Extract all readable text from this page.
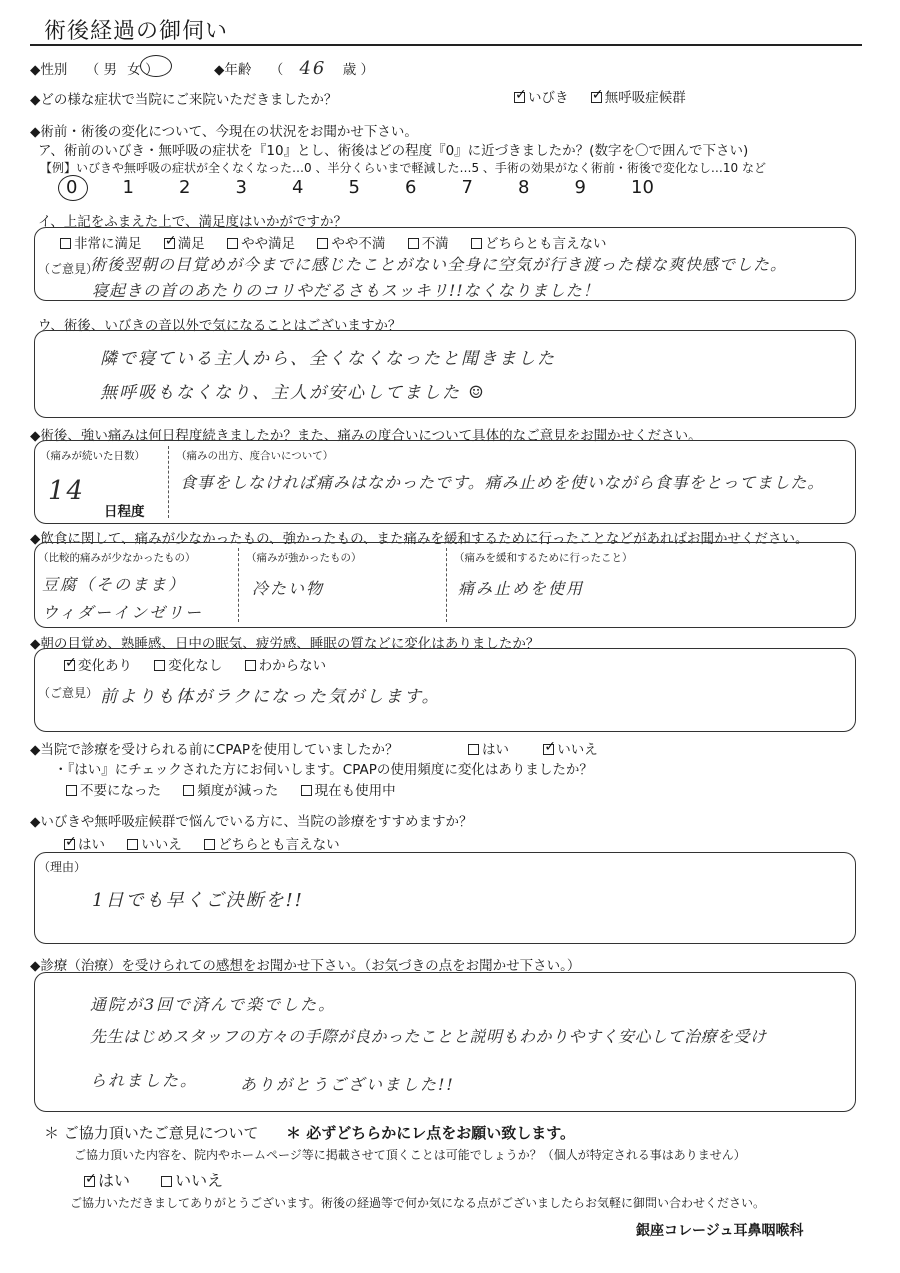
術後経過の御伺い
◆性別 （ 男 女 ）	◆年齢 （ 46 歳 ）
◆どの様な症状で当院にご来院いただきましたか？ ✓	いびき ✓	無呼吸症候群
◆術前・術後の変化について、今現在の状況をお聞かせ下さい。
ア、術前のいびき・無呼吸の症状を『10』とし、術後はどの程度『0』に近づきましたか？(数字を〇で囲んで下さい)
【例】いびきや無呼吸の症状が全くなくなった…0 、半分くらいまで軽減した…5 、手術の効果がなく術前・術後で変化なし…10 など
0	1	2	3	4	5	6	7	8	9	10
イ、上記をふまえた上で、満足度はいかがですか？
非常に満足 ✓	満足	やや満足	やや不満	不満	どちらとも言えない
（ご意見）
術後翌朝の目覚めが今までに感じたことがない全身に空気が行き渡った様な爽快感でした。
寝起きの首のあたりのコリやだるさもスッキリ!!なくなりました！
ウ、術後、いびきの音以外で気になることはございますか？
隣で寝ている主人から、全くなくなったと聞きました
無呼吸もなくなり、主人が安心してました ☺
◆術後、強い痛みは何日程度続きましたか？また、痛みの度合いについて具体的なご意見をお聞かせください。
（痛みが続いた日数）
14
日程度
（痛みの出方、度合いについて）
食事をしなければ痛みはなかったです。痛み止めを使いながら食事をとってました。
◆飲食に関して、痛みが少なかったもの、強かったもの、また痛みを緩和するために行ったことなどがあればお聞かせください。
（比較的痛みが少なかったもの）
豆腐（そのまま）
ウィダーインゼリー
（痛みが強かったもの）
冷たい物
（痛みを緩和するために行ったこと）
痛み止めを使用
◆朝の目覚め、熟睡感、日中の眠気、疲労感、睡眠の質などに変化はありましたか？
✓変化あり	変化なし	わからない
（ご意見） 前よりも体がラクになった気がします。
◆当院で診療を受けられる前にCPAPを使用していましたか？	はい ✓	いいえ
・『はい』にチェックされた方にお伺いします。CPAPの使用頻度に変化はありましたか？
不要になった	頻度が減った	現在も使用中
◆いびきや無呼吸症候群で悩んでいる方に、当院の診療をすすめますか？
✓はい	いいえ	どちらとも言えない
（理由）
1日でも早くご決断を!!
◆診療（治療）を受けられての感想をお聞かせ下さい。（お気づきの点をお聞かせ下さい。）
通院が3回で済んで楽でした。
先生はじめスタッフの方々の手際が良かったことと説明もわかりやすく安心して治療を受け
られました。	ありがとうございました!!
＊ ご協力頂いたご意見について ＊ 必ずどちらかにレ点をお願い致します。
ご協力頂いた内容を、院内やホームページ等に掲載させて頂くことは可能でしょうか？（個人が特定される事はありません）
✓はい	いいえ
ご協力いただきましてありがとうございます。術後の経過等で何か気になる点がございましたらお気軽に御問い合わせください。
銀座コレージュ耳鼻咽喉科
